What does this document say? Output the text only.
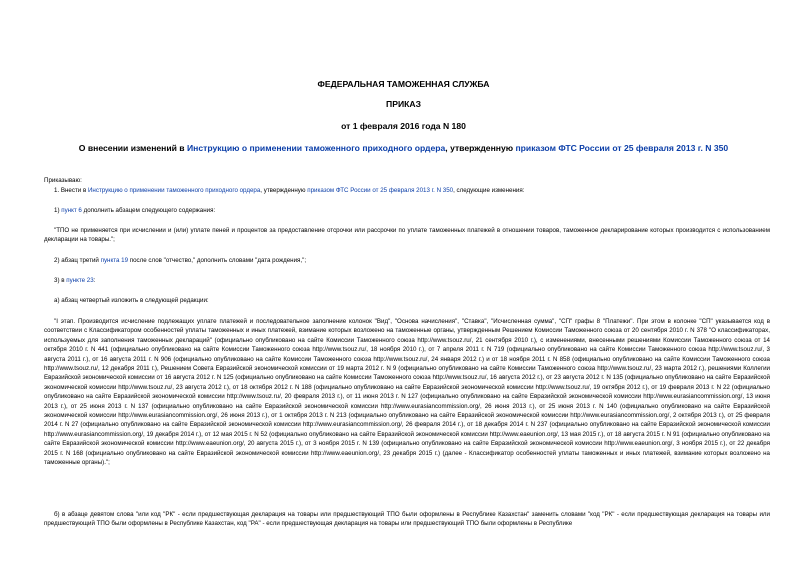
ФЕДЕРАЛЬНАЯ ТАМОЖЕННАЯ СЛУЖБА
ПРИКАЗ
от 1 февраля 2016 года N 180
О внесении изменений в Инструкцию о применении таможенного приходного ордера, утвержденную приказом ФТС России от 25 февраля 2013 г. N 350
Приказываю:
1. Внести в Инструкцию о применении таможенного приходного ордера, утвержденную приказом ФТС России от 25 февраля 2013 г. N 350, следующие изменения:
1) пункт 6 дополнить абзацем следующего содержания:
"ТПО не применяется при исчислении и (или) уплате пеней и процентов за предоставление отсрочки или рассрочки по уплате таможенных платежей в отношении товаров, таможенное декларирование которых производится с использованием декларации на товары.";
2) абзац третий пункта 19 после слов "отчество," дополнить словами "дата рождения,";
3) в пункте 23:
а) абзац четвертый изложить в следующей редакции:
"I этап. Производится исчисление подлежащих уплате платежей и последовательное заполнение колонок "Вид", "Основа начисления", "Ставка", "Исчисленная сумма", "СП" графы 8 "Платежи". При этом в колонке "СП" указывается код в соответствии с Классификатором особенностей уплаты таможенных и иных платежей, взимание которых возложено на таможенные органы, утвержденным Решением Комиссии Таможенного союза от 20 сентября 2010 г. N 378 "О классификаторах, используемых для заполнения таможенных деклараций" (официально опубликовано на сайте Комиссии Таможенного союза http://www.tsouz.ru/, 21 сентября 2010 г.), с изменениями, внесенными решениями Комиссии Таможенного союза от 14 октября 2010 г. N 441 (официально опубликовано на сайте Комиссии Таможенного союза http://www.tsouz.ru/, 18 ноября 2010 г.), от 7 апреля 2011 г. N 719 (официально опубликовано на сайте Комиссии Таможенного союза http://www.tsouz.ru/, 3 августа 2011 г.), от 16 августа 2011 г. N 906 (официально опубликовано на сайте Комиссии Таможенного союза http://www.tsouz.ru/, 24 января 2012 г.) и от 18 ноября 2011 г. N 858 (официально опубликовано на сайте Комиссии Таможенного союза http://www.tsouz.ru/, 12 декабря 2011 г.), Решением Совета Евразийской экономической комиссии от 19 марта 2012 г. N 9 (официально опубликовано на сайте Комиссии Таможенного союза http://www.tsouz.ru/, 23 марта 2012 г.), решениями Коллегии Евразийской экономической комиссии от 16 августа 2012 г. N 125 (официально опубликовано на сайте Комиссии Таможенного союза http://www.tsouz.ru/, 16 августа 2012 г.), от 23 августа 2012 г. N 135 (официально опубликовано на сайте Евразийской экономической комиссии http://www.tsouz.ru/, 23 августа 2012 г.), от 18 октября 2012 г. N 188 (официально опубликовано на сайте Евразийской экономической комиссии http://www.tsouz.ru/, 19 октября 2012 г.), от 19 февраля 2013 г. N 22 (официально опубликовано на сайте Евразийской экономической комиссии http://www.tsouz.ru/, 20 февраля 2013 г.), от 11 июня 2013 г. N 127 (официально опубликовано на сайте Евразийской экономической комиссии http://www.eurasiancommission.org/, 13 июня 2013 г.), от 25 июня 2013 г. N 137 (официально опубликовано на сайте Евразийской экономической комиссии http://www.eurasiancommission.org/, 26 июня 2013 г.), от 25 июня 2013 г. N 140 (официально опубликовано на сайте Евразийской экономической комиссии http://www.eurasiancommission.org/, 26 июня 2013 г.), от 1 октября 2013 г. N 213 (официально опубликовано на сайте Евразийской экономической комиссии http://www.eurasiancommission.org/, 2 октября 2013 г.), от 25 февраля 2014 г. N 27 (официально опубликовано на сайте Евразийской экономической комиссии http://www.eurasiancommission.org/, 26 февраля 2014 г.), от 18 декабря 2014 г. N 237 (официально опубликовано на сайте Евразийской экономической комиссии http://www.eurasiancommission.org/, 19 декабря 2014 г.), от 12 мая 2015 г. N 52 (официально опубликовано на сайте Евразийской экономической комиссии http://www.eaeunion.org/, 13 мая 2015 г.), от 18 августа 2015 г. N 91 (официально опубликовано на сайте Евразийской экономической комиссии http://www.eaeunion.org/, 20 августа 2015 г.), от 3 ноября 2015 г. N 139 (официально опубликовано на сайте Евразийской экономической комиссии http://www.eaeunion.org/, 3 ноября 2015 г.), от 22 декабря 2015 г. N 168 (официально опубликовано на сайте Евразийской экономической комиссии http://www.eaeunion.org/, 23 декабря 2015 г.) (далее - Классификатор особенностей уплаты таможенных и иных платежей, взимание которых возложено на таможенные органы).";
б) в абзаце девятом слова "или код "РК" - если предшествующая декларация на товары или предшествующий ТПО были оформлены в Республике Казахстан" заменить словами "код "РК" - если предшествующая декларация на товары или предшествующий ТПО были оформлены в Республике Казахстан, код "РА" - если предшествующая декларация на товары или предшествующий ТПО были оформлены в Республике
